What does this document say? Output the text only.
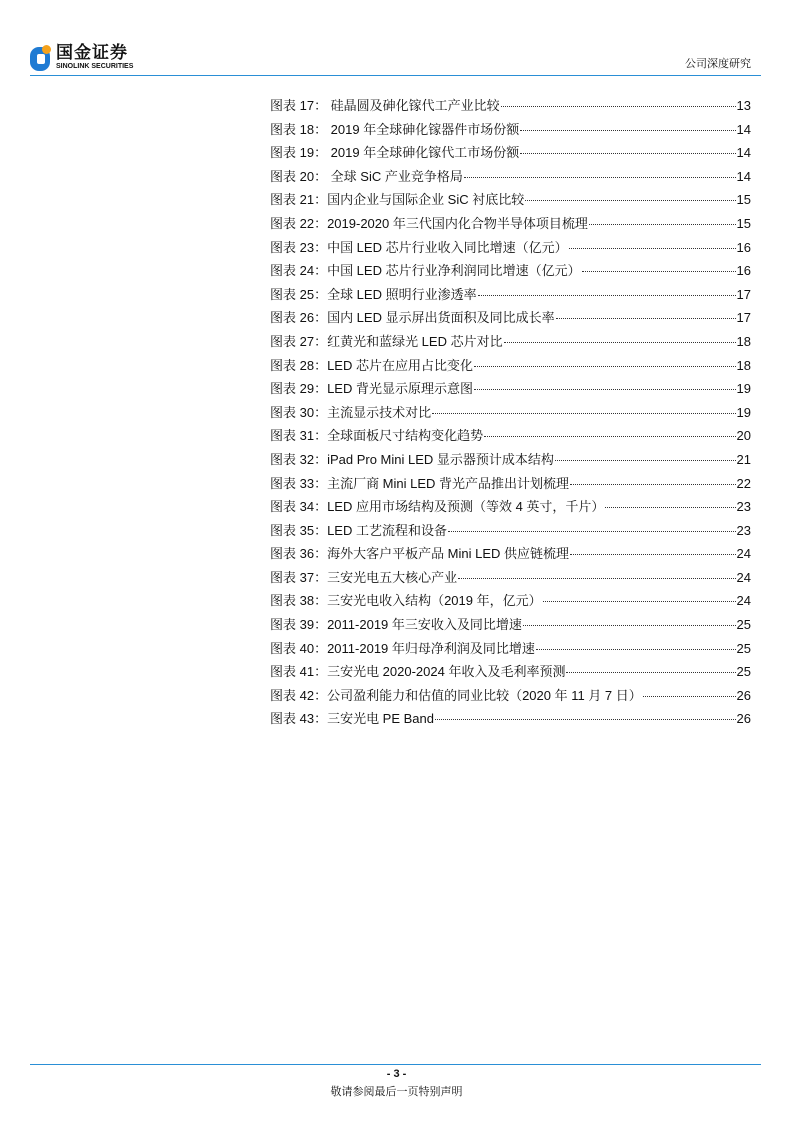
国金证券
SINOLINK SECURITIES	公司深度研究
图表 17： 硅晶圆及砷化镓代工产业比较	13
图表 18： 2019 年全球砷化镓器件市场份额	14
图表 19： 2019 年全球砷化镓代工市场份额	14
图表 20： 全球 SiC 产业竞争格局	14
图表 21：国内企业与国际企业 SiC 衬底比较	15
图表 22：2019-2020 年三代国内化合物半导体项目梳理	15
图表 23：中国 LED 芯片行业收入同比增速（亿元）	16
图表 24：中国 LED 芯片行业净利润同比增速（亿元）	16
图表 25：全球 LED 照明行业渗透率	17
图表 26：国内 LED 显示屏出货面积及同比成长率	17
图表 27：红黄光和蓝绿光 LED 芯片对比	18
图表 28：LED 芯片在应用占比变化	18
图表 29：LED 背光显示原理示意图	19
图表 30：主流显示技术对比	19
图表 31：全球面板尺寸结构变化趋势	20
图表 32：iPad Pro Mini LED 显示器预计成本结构	21
图表 33：主流厂商 Mini LED 背光产品推出计划梳理	22
图表 34：LED 应用市场结构及预测（等效 4 英寸，千片）	23
图表 35：LED 工艺流程和设备	23
图表 36：海外大客户平板产品 Mini LED 供应链梳理	24
图表 37：三安光电五大核心产业	24
图表 38：三安光电收入结构（2019 年，亿元）	24
图表 39：2011-2019 年三安收入及同比增速	25
图表 40：2011-2019 年归母净利润及同比增速	25
图表 41：三安光电 2020-2024 年收入及毛利率预测	25
图表 42：公司盈利能力和估值的同业比较（2020 年 11 月 7 日）	26
图表 43：三安光电 PE Band	26
- 3 -
敬请参阅最后一页特别声明
